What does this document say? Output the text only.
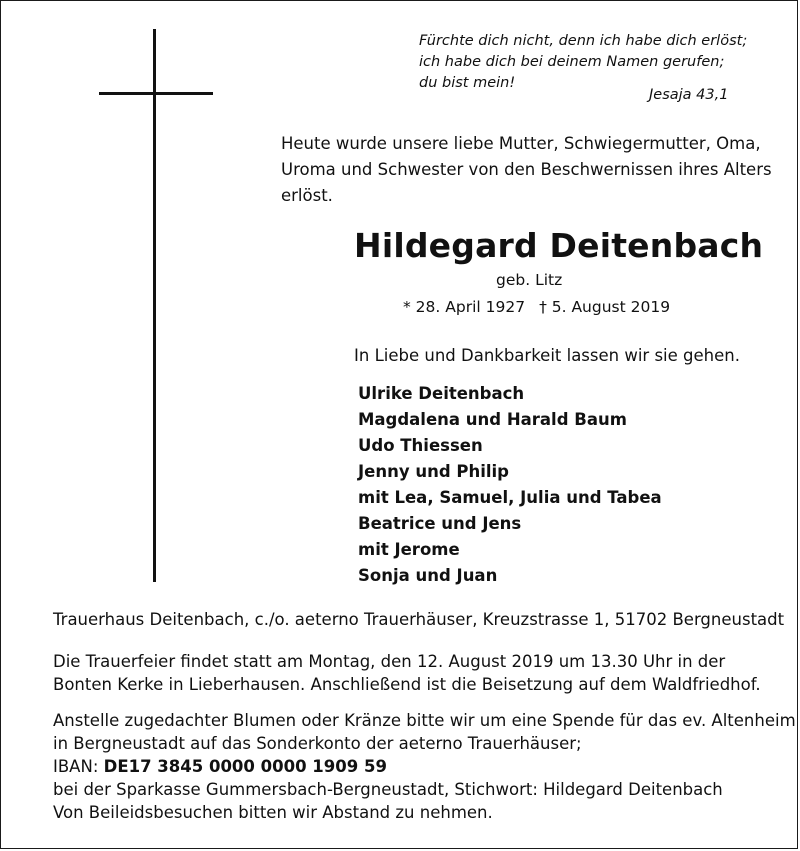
Fürchte dich nicht, denn ich habe dich erlöst;
ich habe dich bei deinem Namen gerufen;
du bist mein!
Jesaja 43,1
Heute wurde unsere liebe Mutter, Schwiegermutter, Oma,
Uroma und Schwester von den Beschwernissen ihres Alters
erlöst.
Hildegard Deitenbach
geb. Litz
* 28. April 1927 † 5. August 2019
In Liebe und Dankbarkeit lassen wir sie gehen.
Ulrike Deitenbach
Magdalena und Harald Baum
Udo Thiessen
Jenny und Philip
mit Lea, Samuel, Julia und Tabea
Beatrice und Jens
mit Jerome
Sonja und Juan
Trauerhaus Deitenbach, c./o. aeterno Trauerhäuser, Kreuzstrasse 1, 51702 Bergneustadt
Die Trauerfeier findet statt am Montag, den 12. August 2019 um 13.30 Uhr in der
Bonten Kerke in Lieberhausen. Anschließend ist die Beisetzung auf dem Waldfriedhof.
Anstelle zugedachter Blumen oder Kränze bitte wir um eine Spende für das ev. Altenheim
in Bergneustadt auf das Sonderkonto der aeterno Trauerhäuser;
IBAN: DE17 3845 0000 0000 1909 59
bei der Sparkasse Gummersbach-Bergneustadt, Stichwort: Hildegard Deitenbach
Von Beileidsbesuchen bitten wir Abstand zu nehmen.
